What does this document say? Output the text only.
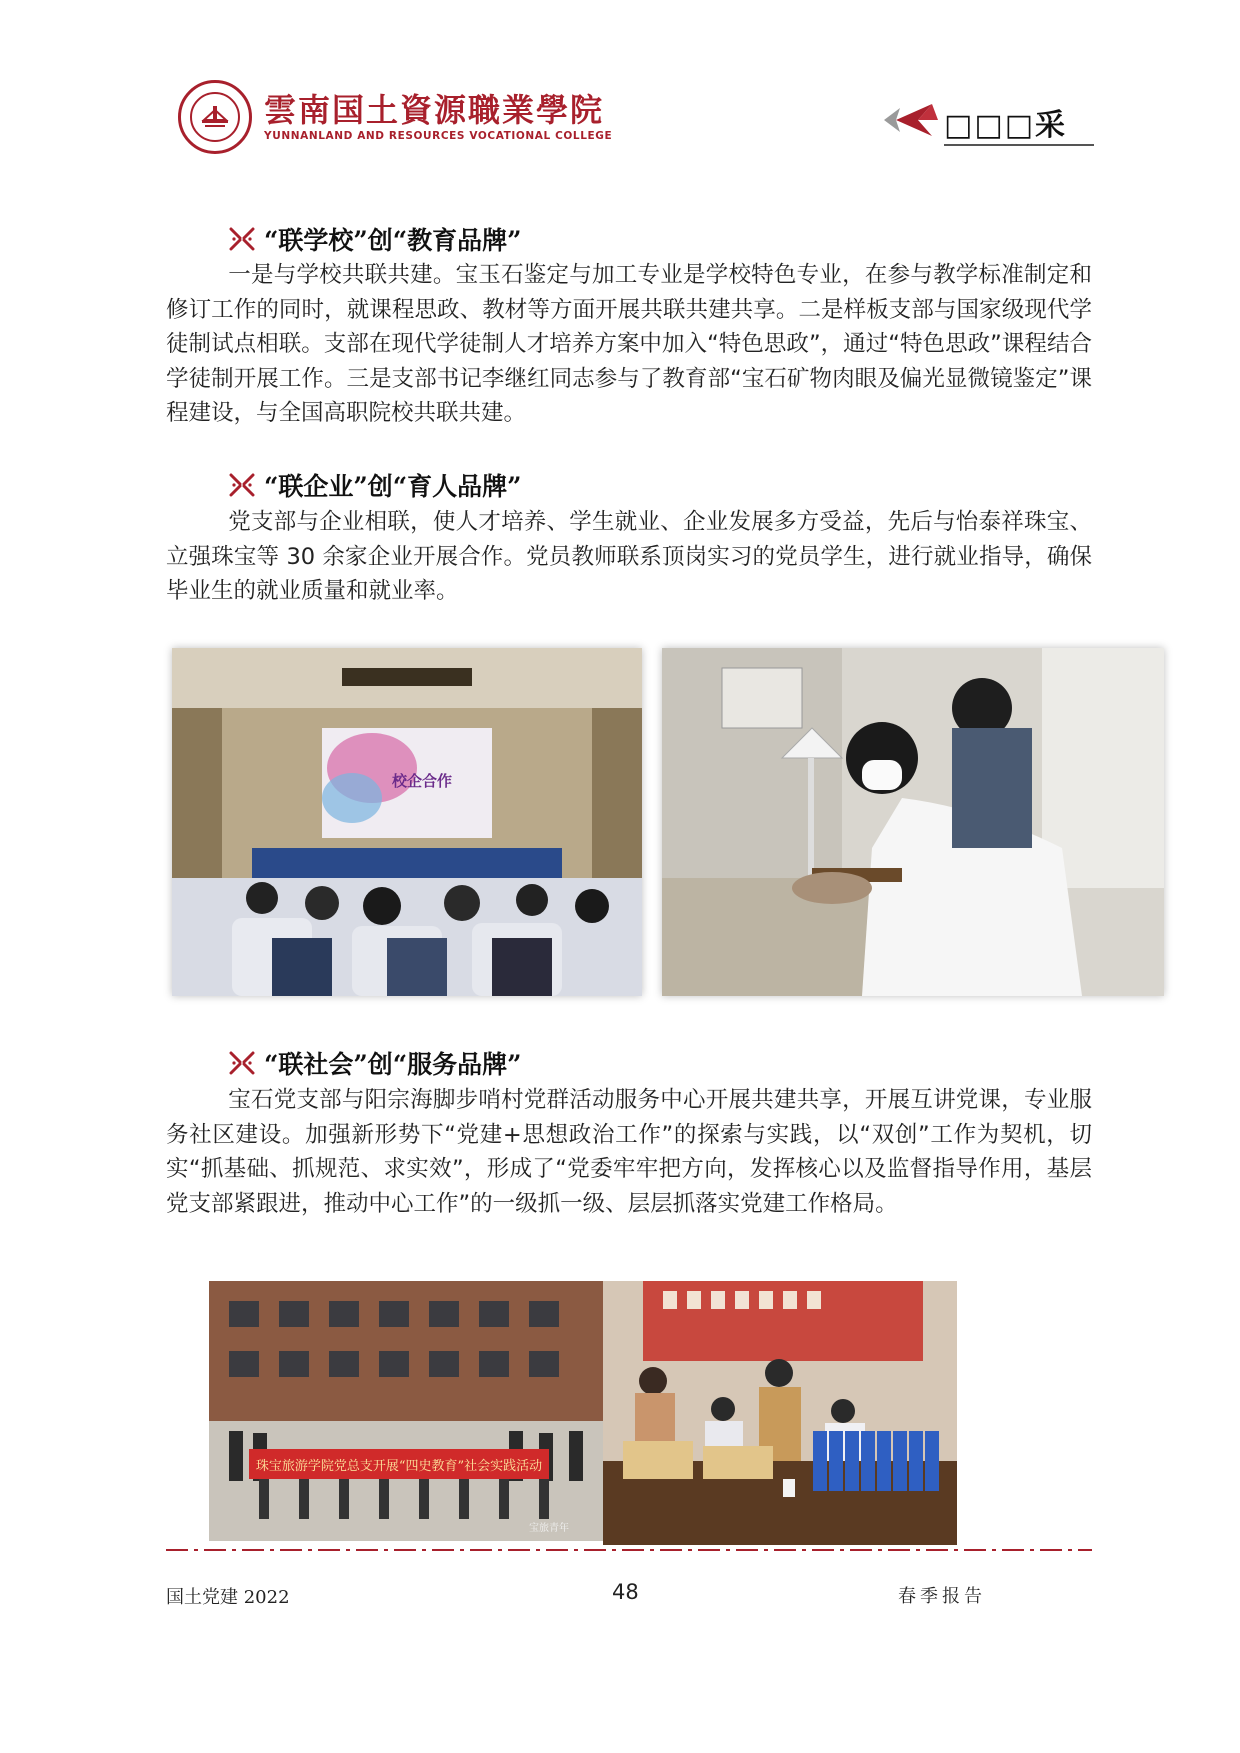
雲南国土資源職業學院
YUNNANLAND AND RESOURCES VOCATIONAL COLLEGE	□□□采
“联学校”创“教育品牌”
一是与学校共联共建。宝玉石鉴定与加工专业是学校特色专业，在参与教学标准制定和修订工作的同时，就课程思政、教材等方面开展共联共建共享。二是样板支部与国家级现代学徒制试点相联。支部在现代学徒制人才培养方案中加入“特色思政”，通过“特色思政”课程结合学徒制开展工作。三是支部书记李继红同志参与了教育部“宝石矿物肉眼及偏光显微镜鉴定”课程建设，与全国高职院校共联共建。
“联企业”创“育人品牌”
党支部与企业相联，使人才培养、学生就业、企业发展多方受益，先后与怡泰祥珠宝、立强珠宝等 30 余家企业开展合作。党员教师联系顶岗实习的党员学生，进行就业指导，确保毕业生的就业质量和就业率。
校企合作
“联社会”创“服务品牌”
宝石党支部与阳宗海脚步哨村党群活动服务中心开展共建共享，开展互讲党课，专业服务社区建设。加强新形势下“党建+思想政治工作”的探索与实践，以“双创”工作为契机，切实“抓基础、抓规范、求实效”，形成了“党委牢牢把方向，发挥核心以及监督指导作用，基层党支部紧跟进，推动中心工作”的一级抓一级、层层抓落实党建工作格局。
珠宝旅游学院党总支开展“四史教育”社会实践活动
宝旅青年
国土党建 2022	48	春季报告
